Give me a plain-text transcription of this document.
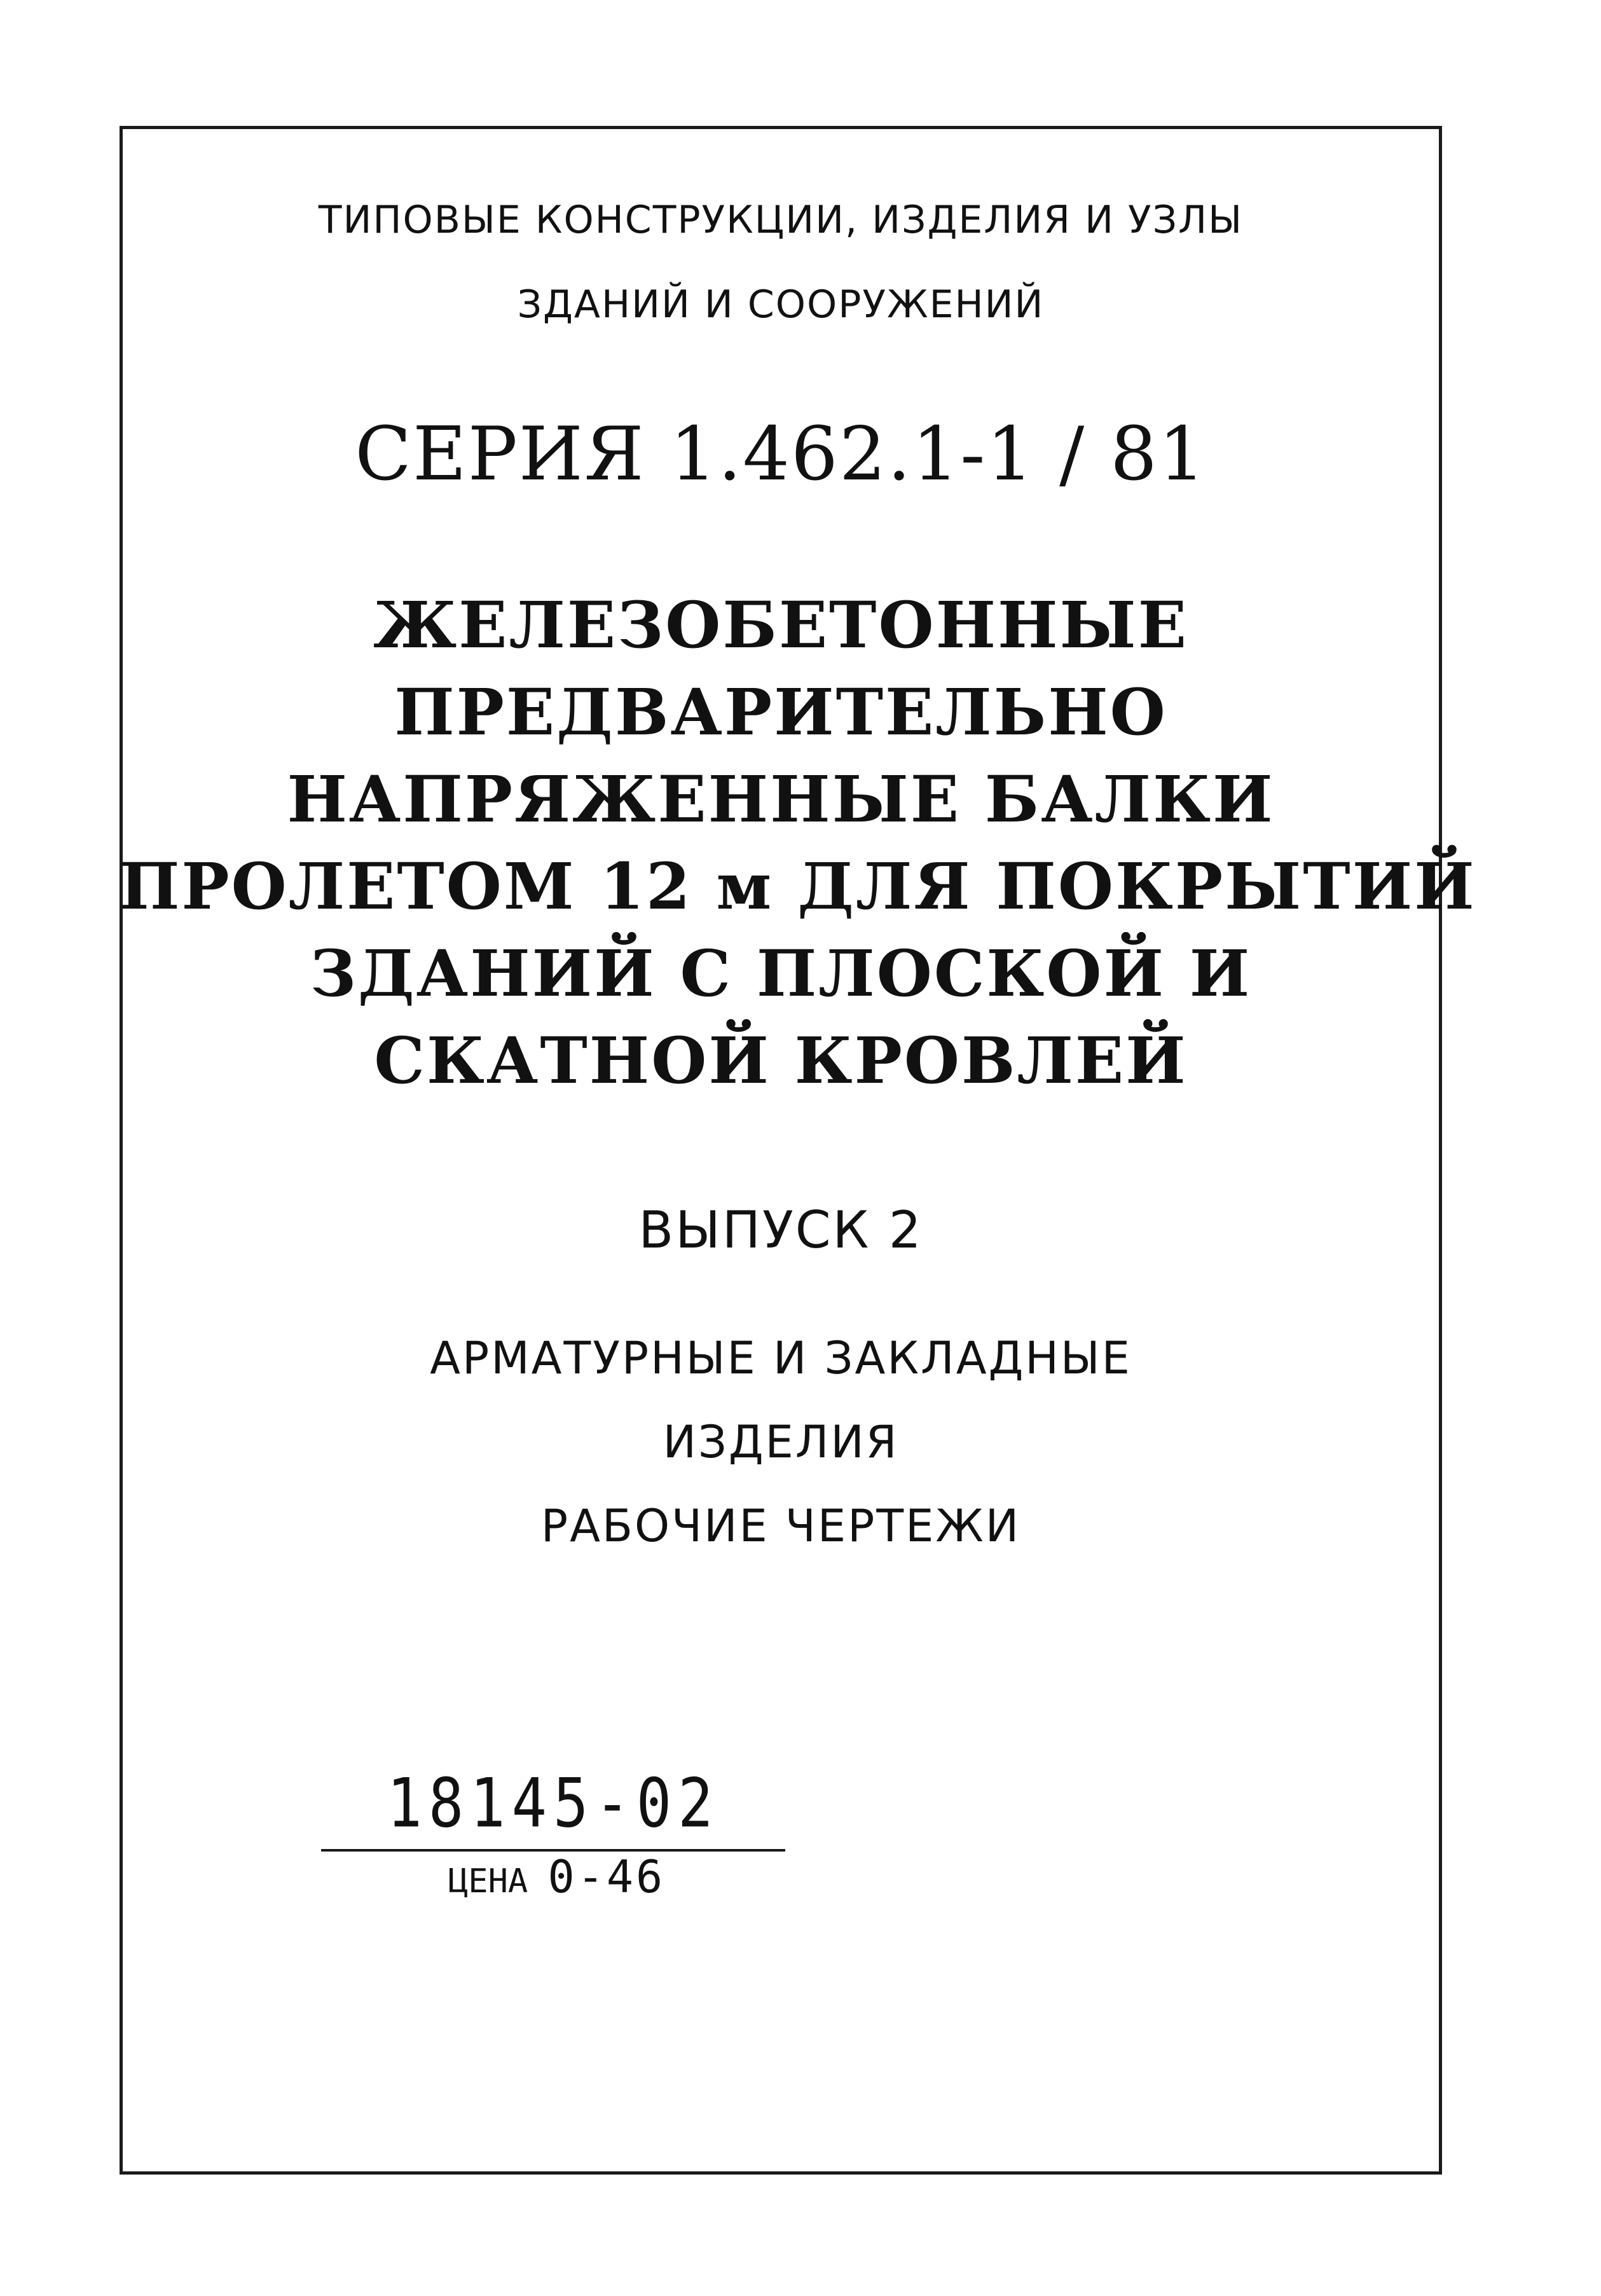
ТИПОВЫЕ КОНСТРУКЦИИ, ИЗДЕЛИЯ И УЗЛЫ
ЗДАНИЙ И СООРУЖЕНИЙ
СЕРИЯ 1.462.1-1 / 81
ЖЕЛЕЗОБЕТОННЫЕ
ПРЕДВАРИТЕЛЬНО
НАПРЯЖЕННЫЕ БАЛКИ
ПРОЛЕТОМ 12 м ДЛЯ ПОКРЫТИЙ
ЗДАНИЙ С ПЛОСКОЙ И
СКАТНОЙ КРОВЛЕЙ
ВЫПУСК 2
АРМАТУРНЫЕ И ЗАКЛАДНЫЕ
ИЗДЕЛИЯ
РАБОЧИЕ ЧЕРТЕЖИ
18145-02
ЦЕНА 0-46
